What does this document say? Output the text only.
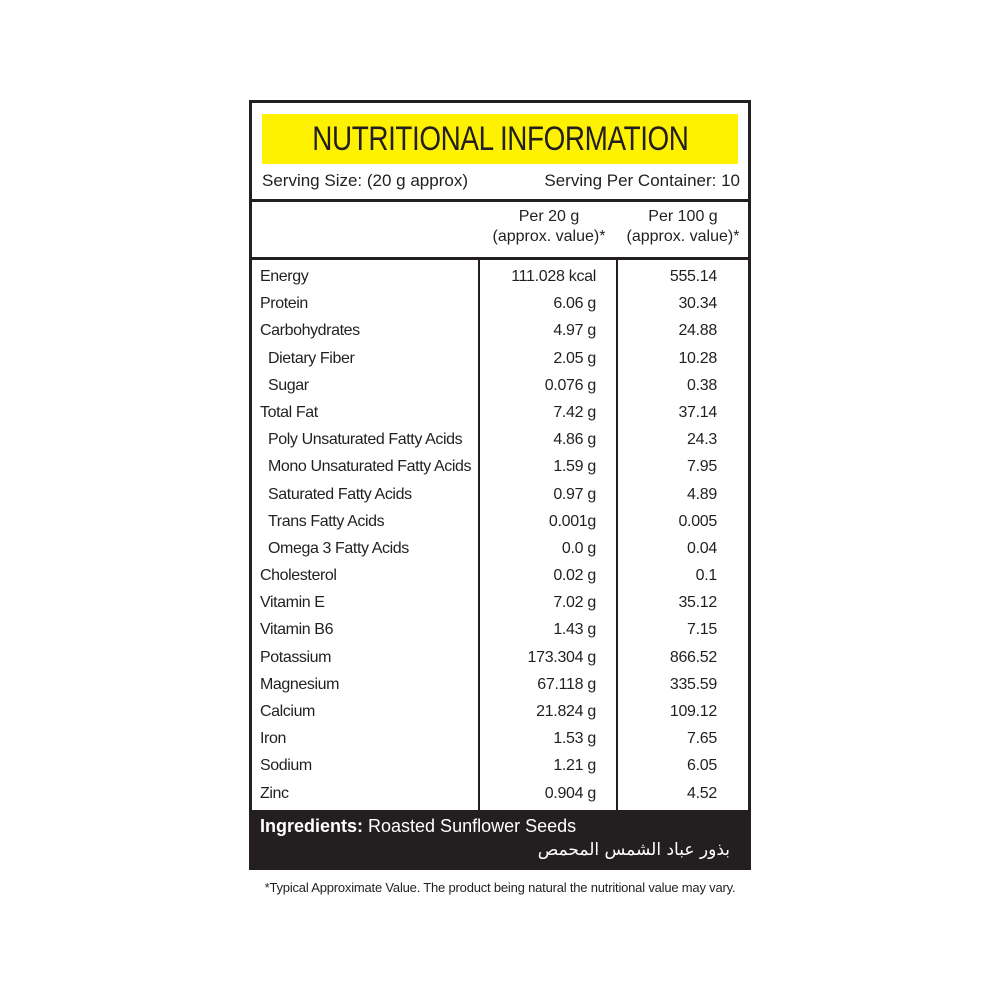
NUTRITIONAL INFORMATION
Serving Size: (20 g approx)	Serving Per Container: 10
Per 20 g
(approx. value)*
Per 100 g
(approx. value)*
Energy	111.028 kcal	555.14
Protein	6.06 g	30.34
Carbohydrates	4.97 g	24.88
Dietary Fiber	2.05 g	10.28
Sugar	0.076 g	0.38
Total Fat	7.42 g	37.14
Poly Unsaturated Fatty Acids	4.86 g	24.3
Mono Unsaturated Fatty Acids	1.59 g	7.95
Saturated Fatty Acids	0.97 g	4.89
Trans Fatty Acids	0.001g	0.005
Omega 3 Fatty Acids	0.0 g	0.04
Cholesterol	0.02 g	0.1
Vitamin E	7.02 g	35.12
Vitamin B6	1.43 g	7.15
Potassium	173.304 g	866.52
Magnesium	67.118 g	335.59
Calcium	21.824 g	109.12
Iron	1.53 g	7.65
Sodium	1.21 g	6.05
Zinc	0.904 g	4.52
Ingredients: Roasted Sunflower Seeds
بذور عباد الشمس المحمص
*Typical Approximate Value. The product being natural the nutritional value may vary.
